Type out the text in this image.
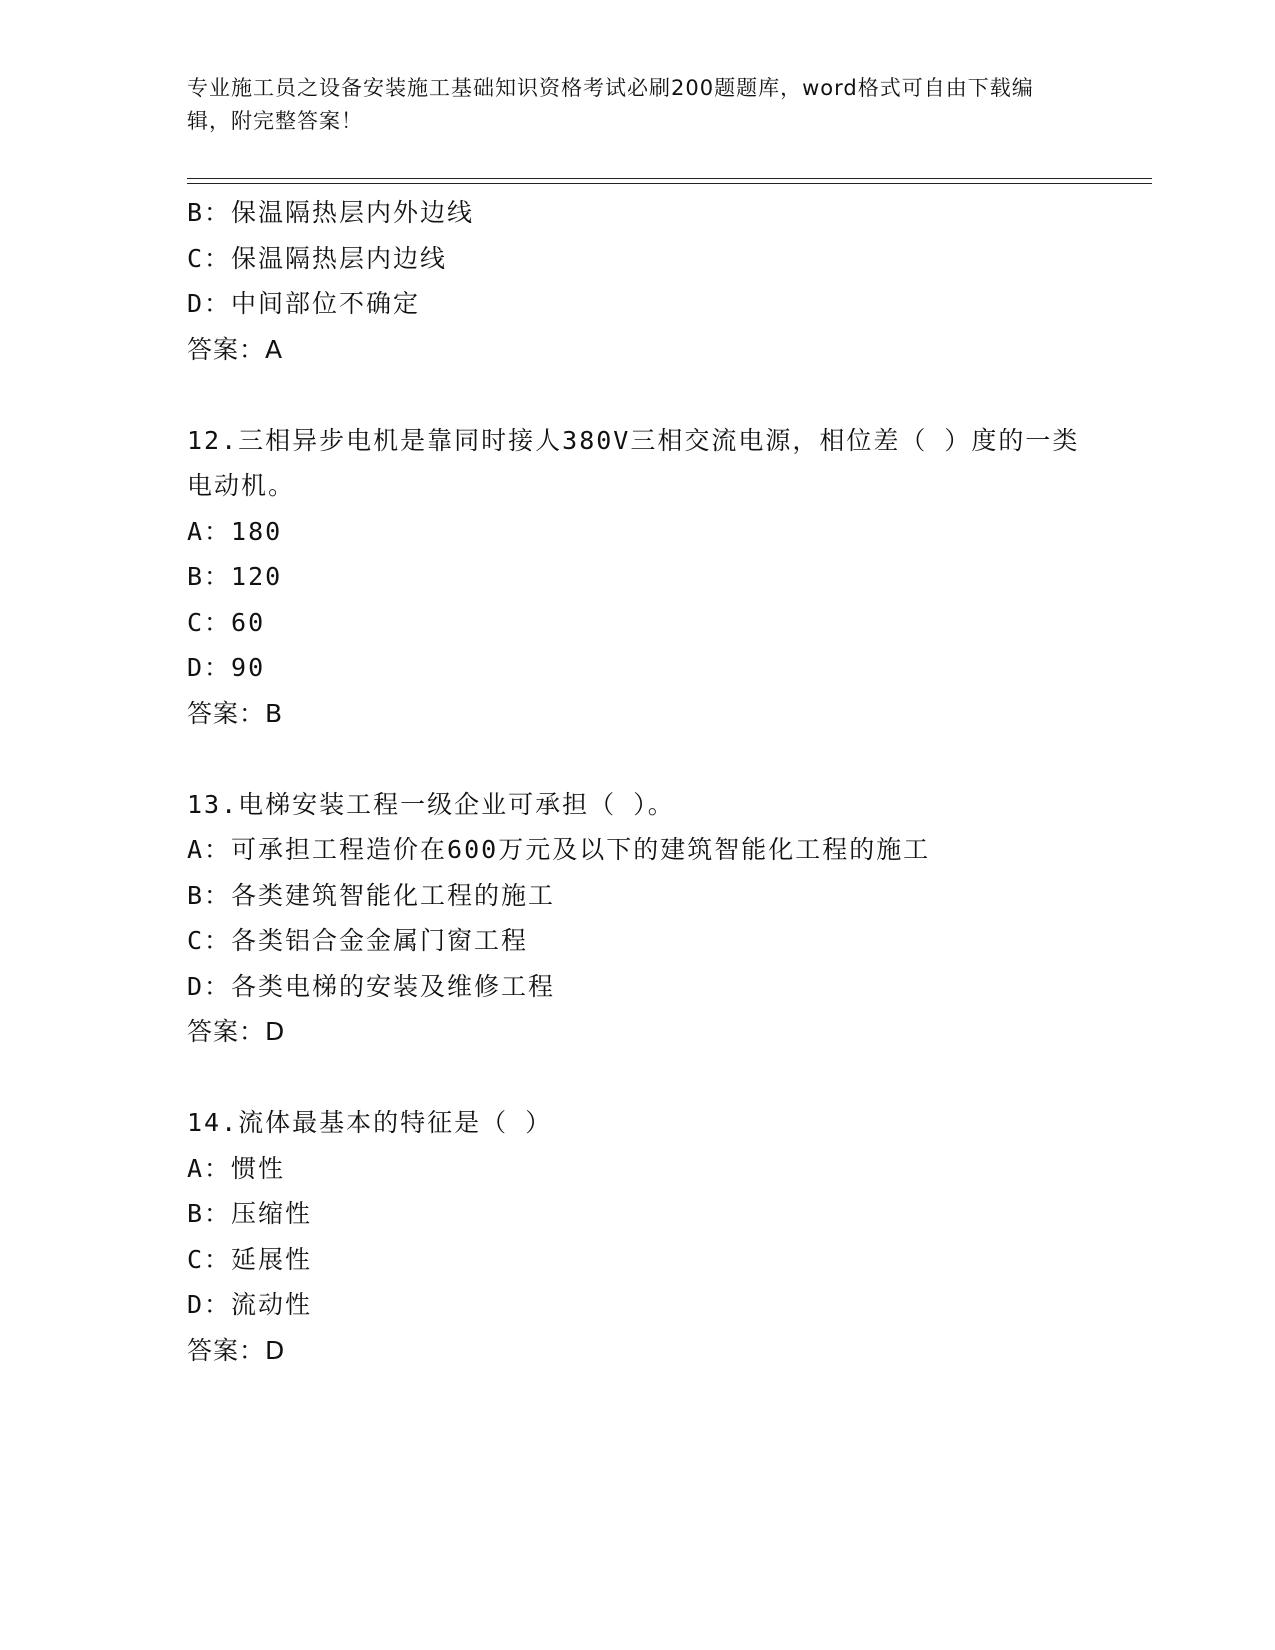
专业施工员之设备安装施工基础知识资格考试必刷200题题库，word格式可自由下载编辑，附完整答案！
B：保温隔热层内外边线
C：保温隔热层内边线
D：中间部位不确定
答案：A
12.三相异步电机是靠同时接人380V三相交流电源，相位差（ ）度的一类电动机。
A：180
B：120
C：60
D：90
答案：B
13.电梯安装工程一级企业可承担（ ）。
A：可承担工程造价在600万元及以下的建筑智能化工程的施工
B：各类建筑智能化工程的施工
C：各类铝合金金属门窗工程
D：各类电梯的安装及维修工程
答案：D
14.流体最基本的特征是（ ）
A：惯性
B：压缩性
C：延展性
D：流动性
答案：D
